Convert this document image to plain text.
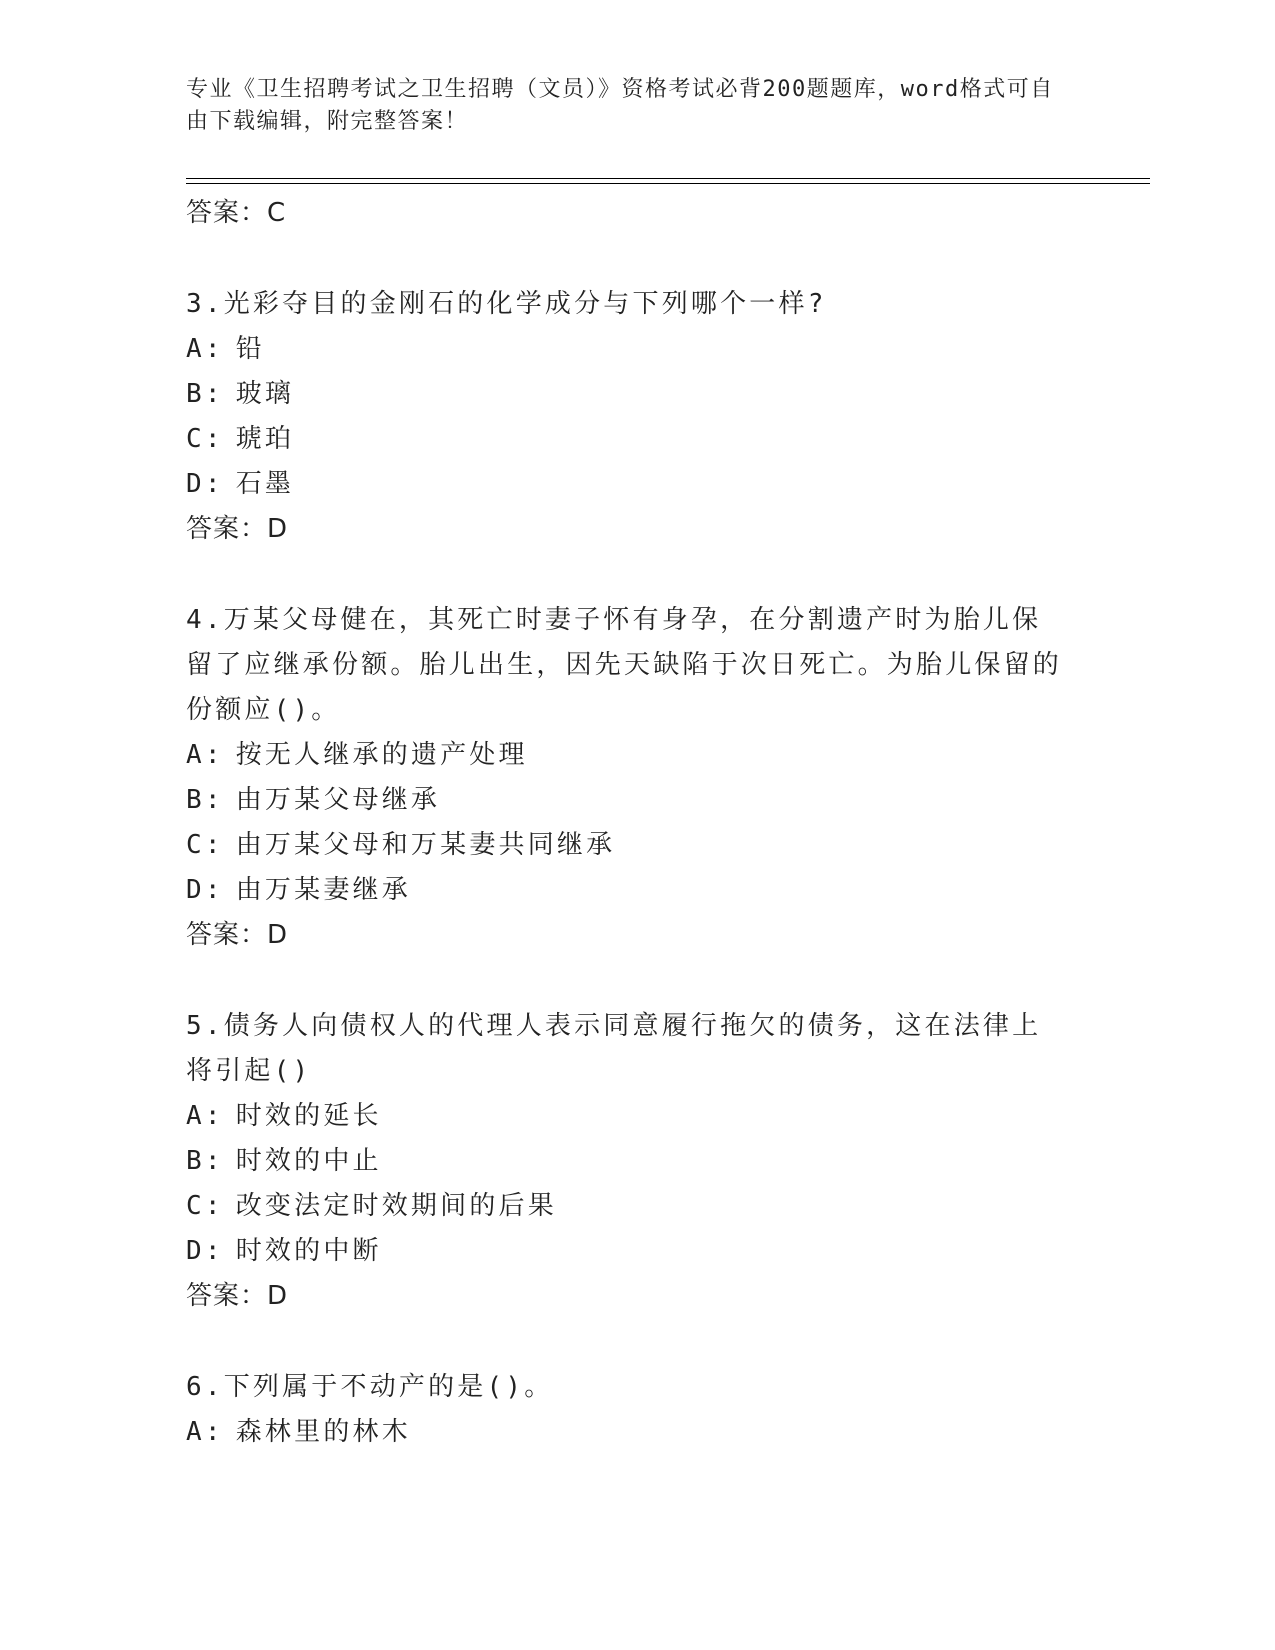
专业《卫生招聘考试之卫生招聘（文员）》资格考试必背200题题库，word格式可自由下载编辑，附完整答案！

答案：C

3.光彩夺目的金刚石的化学成分与下列哪个一样?

A: 铅

B: 玻璃

C: 琥珀

D: 石墨

答案：D

4.万某父母健在，其死亡时妻子怀有身孕，在分割遗产时为胎儿保留了应继承份额。胎儿出生，因先天缺陷于次日死亡。为胎儿保留的份额应()。

A: 按无人继承的遗产处理

B: 由万某父母继承

C: 由万某父母和万某妻共同继承

D: 由万某妻继承

答案：D

5.债务人向债权人的代理人表示同意履行拖欠的债务，这在法律上将引起()

A: 时效的延长

B: 时效的中止

C: 改变法定时效期间的后果

D: 时效的中断

答案：D

6.下列属于不动产的是()。

A: 森林里的林木
